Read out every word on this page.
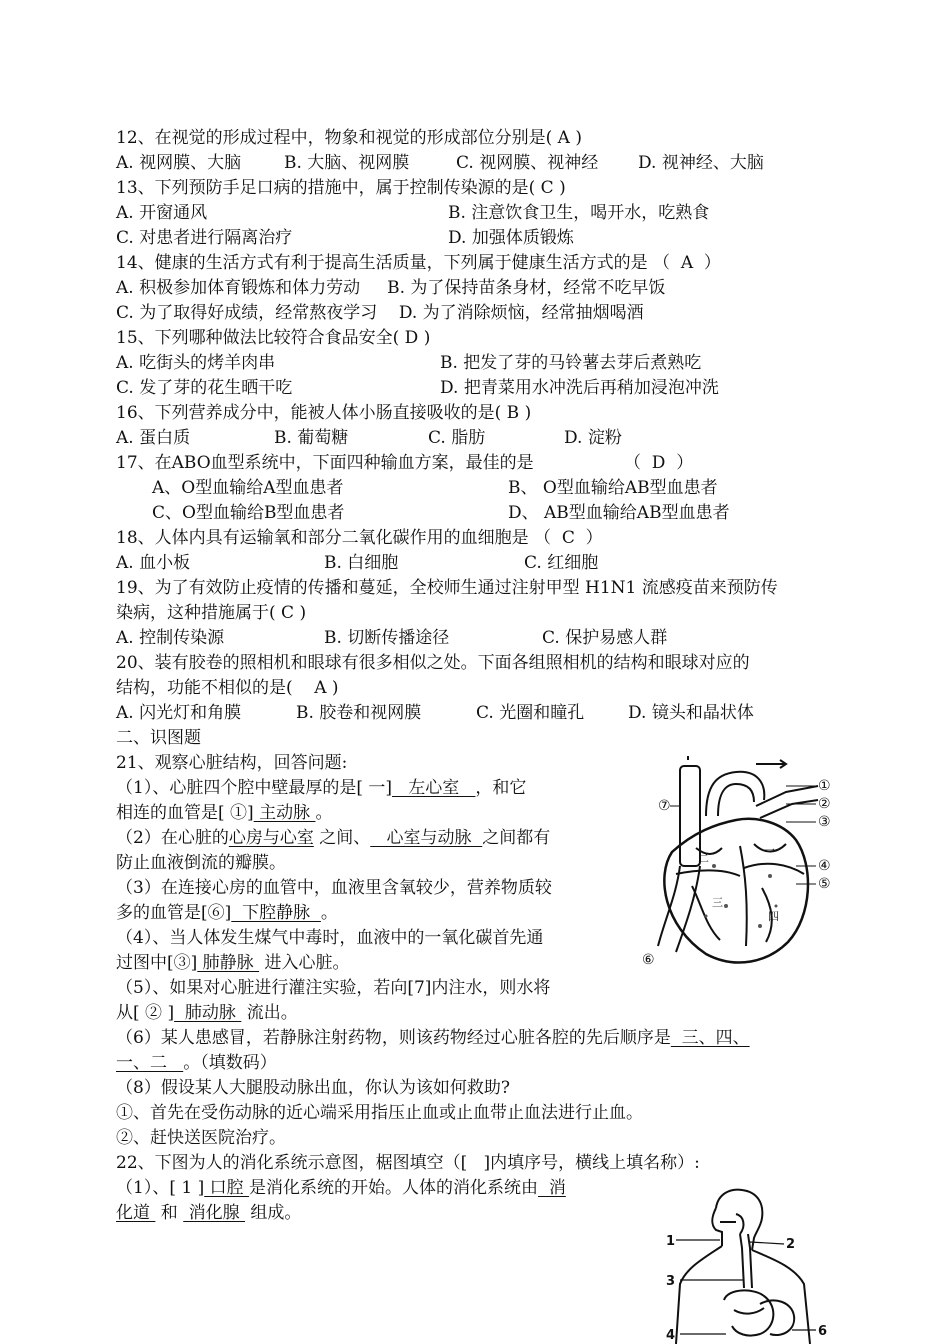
12、在视觉的形成过程中，物象和视觉的形成部位分别是( A )

A. 视网膜、大脑

	B. 大脑、视网膜

	C. 视网膜、视神经

D. 视神经、大脑

13、下列预防手足口病的措施中，属于控制传染源的是( C )

A. 开窗通风

	B. 注意饮食卫生，喝开水，吃熟食

C. 对患者进行隔离治疗

	D. 加强体质锻炼

14、健康的生活方式有利于提高生活质量，下列属于健康生活方式的是 （  A  ）
A. 积极参加体育锻炼和体力劳动     B. 为了保持苗条身材，经常不吃早饭
C. 为了取得好成绩，经常熬夜学习    D. 为了消除烦恼，经常抽烟喝酒
15、下列哪种做法比较符合食品安全( D )

A. 吃街头的烤羊肉串

	B. 把发了芽的马铃薯去芽后煮熟吃

C. 发了芽的花生晒干吃

	D. 把青菜用水冲洗后再稍加浸泡冲洗

16、下列营养成分中，能被人体小肠直接吸收的是( B )

A. 蛋白质

	B. 葡萄糖

	C. 脂肪

	D. 淀粉

17、在ABO血型系统中，下面四种输血方案，最佳的是

	（  D  ）

A、O型血输给A型血患者

	B、 O型血输给AB型血患者

C、O型血输给B型血患者

	D、 AB型血输给AB型血患者

18、人体内具有运输氧和部分二氧化碳作用的血细胞是 （  C  ）

A. 血小板

	B. 白细胞

	C. 红细胞

19、为了有效防止疫情的传播和蔓延，全校师生通过注射甲型 H1N1 流感疫苗来预防传
染病，这种措施属于( C )

A. 控制传染源

	B. 切断传播途径

	C. 保护易感人群

20、装有胶卷的照相机和眼球有很多相似之处。下面各组照相机的结构和眼球对应的
结构，功能不相似的是(    A )

A. 闪光灯和角膜

	B. 胶卷和视网膜

	C. 光圈和瞳孔

	D. 镜头和晶状体

二、识图题
21、观察心脏结构，回答问题:
（1）、心脏四个腔中壁最厚的是[ 一]   左心室   ，和它
相连的血管是[ ①] 主动脉 。
（2）在心脏的心房与心室 之间、   心室与动脉  之间都有
防止血液倒流的瓣膜。
（3）在连接心房的血管中，血液里含氧较少，营养物质较
多的血管是[⑥]  下腔静脉  。
（4）、当人体发生煤气中毒时，血液中的一氧化碳首先通
过图中[③] 肺静脉  进入心脏。
（5）、如果对心脏进行灌注实验，若向[7]内注水，则水将
从[ ② ]  肺动脉  流出。
（6）某人患感冒，若静脉注射药物，则该药物经过心脏各腔的先后顺序是  三、四、
一、二   。（填数码）
（8）假设某人大腿股动脉出血，你认为该如何救助?
①、首先在受伤动脉的近心端采用指压止血或止血带止血法进行止血。
②、赶快送医院治疗。
22、下图为人的消化系统示意图，椐图填空（[   ]内填序号，横线上填名称）:
（1）、[ 1 ] 口腔 是消化系统的开始。人体的消化系统由  消
化道  和  消化腺  组成。
①
②
③
④
⑤
⑥
⑦
二
一
三
四
1	2
3
4	6
